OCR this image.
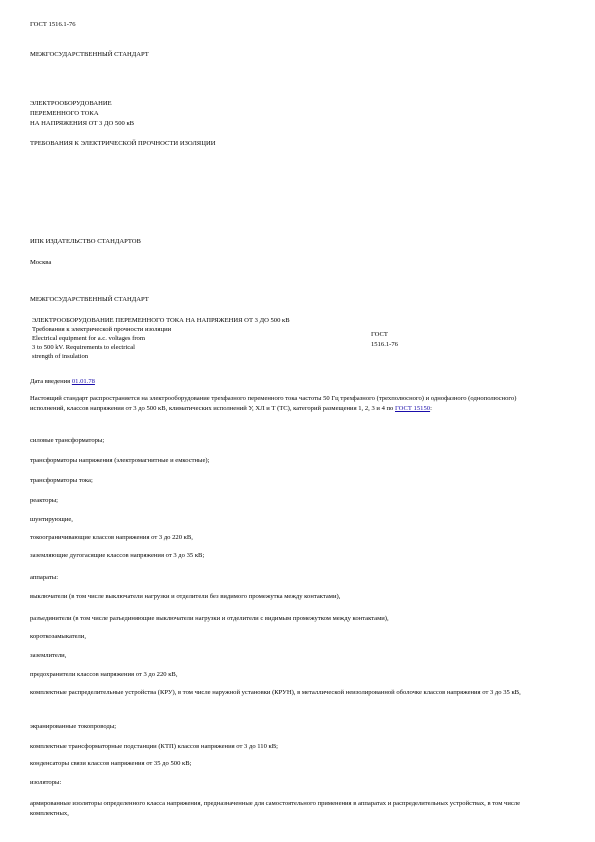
ГОСТ 1516.1-76
МЕЖГОСУДАРСТВЕННЫЙ СТАНДАРТ
ЭЛЕКТРООБОРУДОВАНИЕ
ПЕРЕМЕННОГО ТОКА
НА НАПРЯЖЕНИЯ ОТ 3 ДО 500 кВ
ТРЕБОВАНИЯ К ЭЛЕКТРИЧЕСКОЙ ПРОЧНОСТИ ИЗОЛЯЦИИ
ИПК ИЗДАТЕЛЬСТВО СТАНДАРТОВ
Москва
МЕЖГОСУДАРСТВЕННЫЙ СТАНДАРТ
ЭЛЕКТРООБОРУДОВАНИЕ ПЕРЕМЕННОГО ТОКА НА НАПРЯЖЕНИЯ ОТ 3 ДО 500 кВ
Требования к электрической прочности изоляции
Electrical equipment for a.c. voltages from
3 to 500 kV. Requirements to electrical
strength of insulation
ГОСТ
1516.1-76
Дата введения 01.01.78
Настоящий стандарт распространяется на электрооборудование трехфазного переменного тока частоты 50 Гц трехфазного (трехполюсного) и однофазного (однополюсного) исполнений, классов напряжения от 3 до 500 кВ, климатических исполнений У, ХЛ и Т (ТС), категорий размещения 1, 2, 3 и 4 по ГОСТ 15150:
силовые трансформаторы;
трансформаторы напряжения (электромагнитные и емкостные);
трансформаторы тока;
реакторы;
шунтирующие,
токоограничивающие классов напряжения от 3 до 220 кВ,
заземляющие дугогасящие классов напряжения от 3 до 35 кВ;
аппараты:
выключатели (в том числе выключатели нагрузки и отделители без видимого промежутка между контактами),
разъединители (в том числе разъединяющие выключатели нагрузки и отделители с видимым промежутком между контактами),
короткозамыкатели,
заземлители,
предохранители классов напряжения от 3 до 220 кВ,
комплектные распределительные устройства (КРУ), в том числе наружной установки (КРУН), в металлической неизолированной оболочке классов напряжения от 3 до 35 кВ,
экранированные токопроводы;
комплектные трансформаторные подстанции (КТП) классов напряжения от 3 до 110 кВ;
конденсаторы связи классов напряжения от 35 до 500 кВ;
изоляторы:
армированные изоляторы определенного класса напряжения, предназначенные для самостоятельного применения в аппаратах и распределительных устройствах, в том числе комплектных,
